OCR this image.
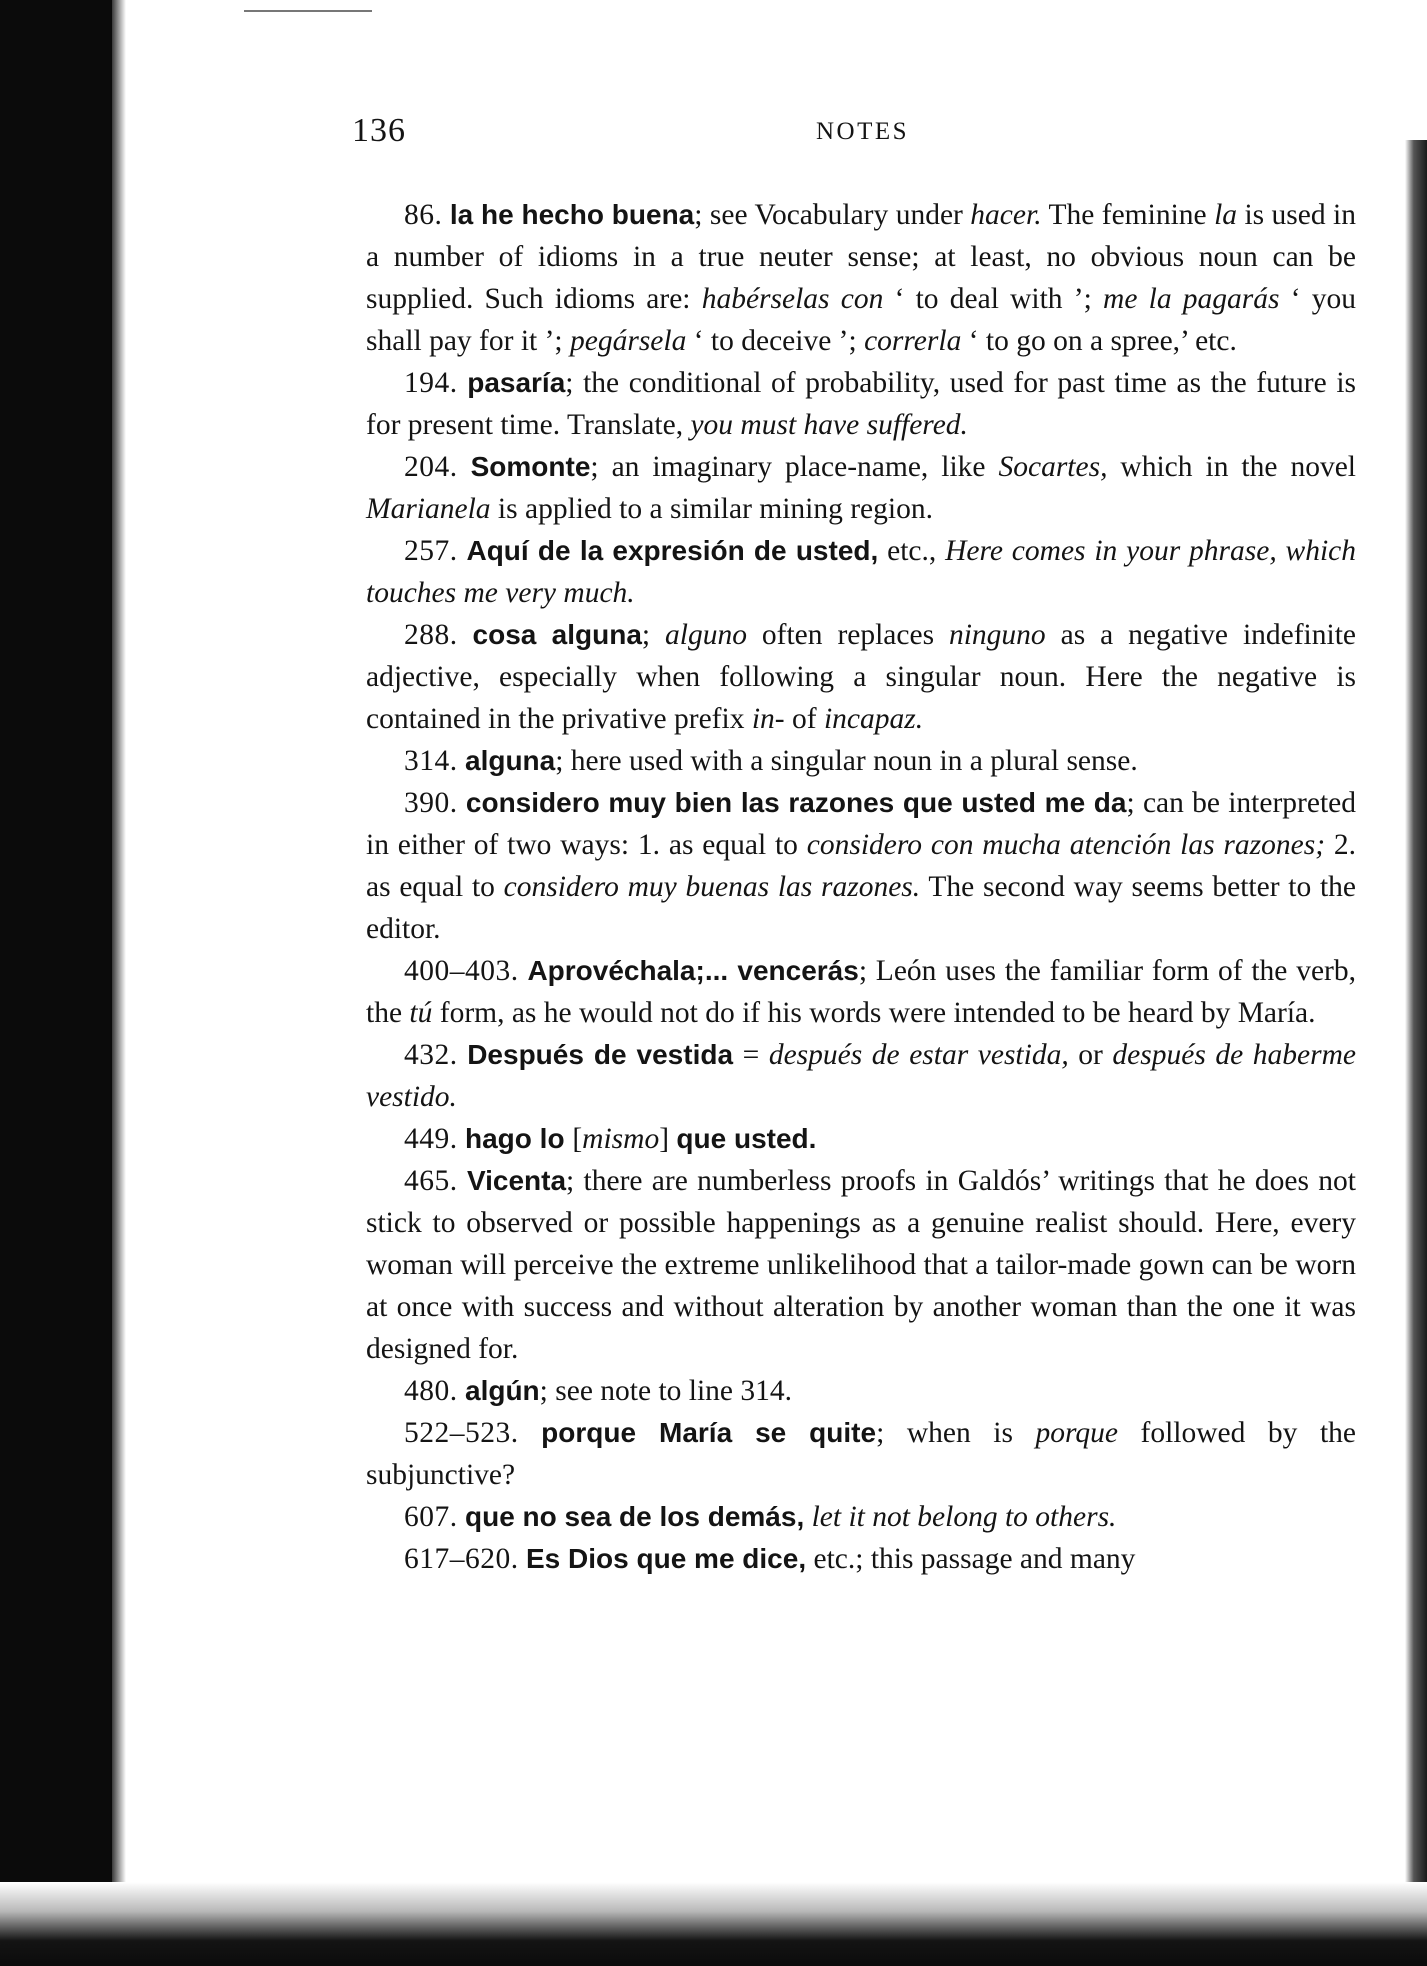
136	NOTES

86. la he hecho buena; see Vocabulary under hacer. The feminine la is used in a number of idioms in a true neuter sense; at least, no obvious noun can be supplied. Such idioms are: habérselas con ‘ to deal with ’; me la pagarás ‘ you shall pay for it ’; pegársela ‘ to deceive ’; correrla ‘ to go on a spree,’ etc.

194. pasaría; the conditional of probability, used for past time as the future is for present time. Translate, you must have suffered.

204. Somonte; an imaginary place-name, like Socartes, which in the novel Marianela is applied to a similar mining region.

257. Aquí de la expresión de usted, etc., Here comes in your phrase, which touches me very much.

288. cosa alguna; alguno often replaces ninguno as a negative indefinite adjective, especially when following a singular noun. Here the negative is contained in the privative prefix in- of incapaz.

314. alguna; here used with a singular noun in a plural sense.

390. considero muy bien las razones que usted me da; can be interpreted in either of two ways: 1. as equal to considero con mucha atención las razones; 2. as equal to considero muy buenas las razones. The second way seems better to the editor.

400–403. Aprovéchala;... vencerás; León uses the familiar form of the verb, the tú form, as he would not do if his words were intended to be heard by María.

432. Después de vestida = después de estar vestida, or después de haberme vestido.

449. hago lo [mismo] que usted.

465. Vicenta; there are numberless proofs in Galdós’ writings that he does not stick to observed or possible happenings as a genuine realist should. Here, every woman will perceive the extreme unlikelihood that a tailor-made gown can be worn at once with success and without alteration by another woman than the one it was designed for.

480. algún; see note to line 314.

522–523. porque María se quite; when is porque followed by the subjunctive?

607. que no sea de los demás, let it not belong to others.

617–620. Es Dios que me dice, etc.; this passage and many
